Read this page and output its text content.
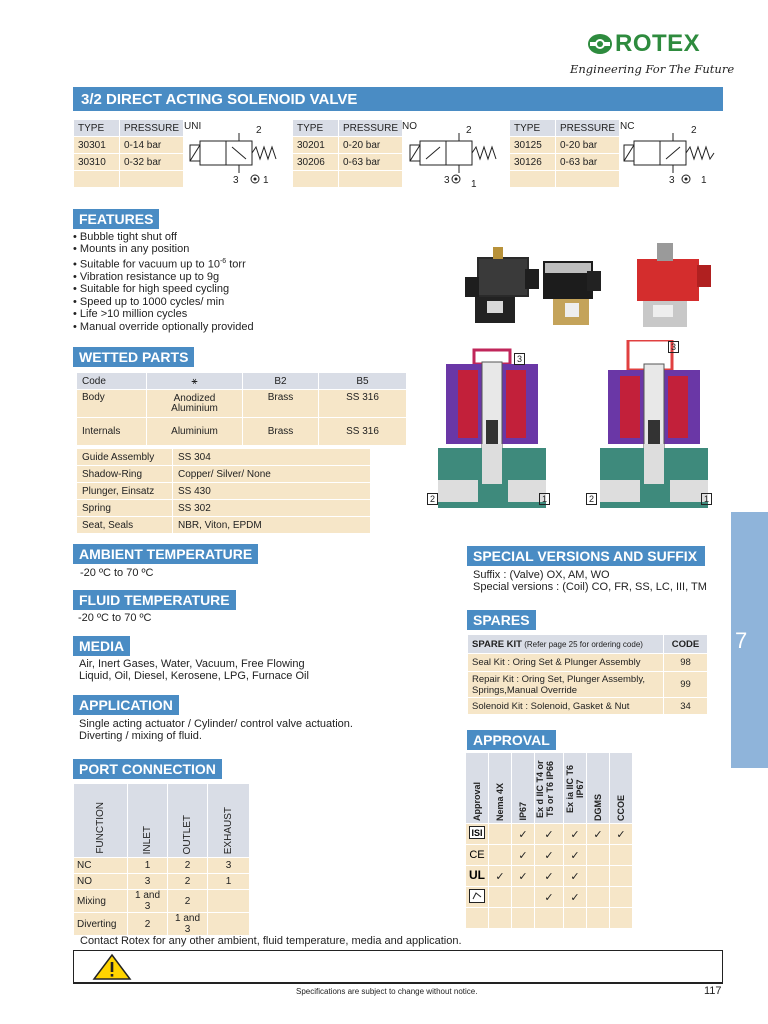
ROTEX
Engineering For The Future
3/2 DIRECT ACTING SOLENOID VALVE
TYPE	PRESSURE
30301	0-14 bar
30310	0-32 bar

UNI	2
3 1
TYPE	PRESSURE
30201	0-20 bar
30206	0-63 bar

NO	2
3 1
TYPE	PRESSURE
30125	0-20 bar
30126	0-63 bar

NC	2
3	1
FEATURES
• Bubble tight shut off
• Mounts in any position
• Suitable for vacuum up to $10^{-6}$ torr
• Vibration resistance up to 9g
• Suitable for high speed cycling
• Speed up to 1000 cycles/ min
• Life >10 million cycles
• Manual override optionally provided
WETTED PARTS
Code	⚹	B2	B5
Body	Anodized Aluminium	Brass	SS 316
Internals	Aluminium	Brass	SS 316
Guide Assembly	SS 304
Shadow-Ring	Copper/ Silver/ None
Plunger, Einsatz	SS 430
Spring	SS 302
Seat, Seals	NBR, Viton, EPDM
3
2	1
3
2	1
AMBIENT TEMPERATURE
-20 ºC to 70 ºC
FLUID TEMPERATURE
-20 ºC to 70 ºC
MEDIA
Air, Inert Gases, Water, Vacuum, Free Flowing
Liquid, Oil, Diesel, Kerosene, LPG, Furnace Oil
APPLICATION
Single acting actuator / Cylinder/ control valve actuation.
Diverting / mixing of fluid.
PORT CONNECTION
FUNCTION	INLET	OUTLET	EXHAUST
NC	1	2	3
NO	3	2	1
Mixing	1 and 3	2	
Diverting	2	1 and 3	
SPECIAL VERSIONS AND SUFFIX
Suffix : (Valve) OX, AM, WO
Special versions : (Coil) CO, FR, SS, LC, III, TM
SPARES
SPARE KIT (Refer page 25 for ordering code)	CODE
Seal Kit : Oring Set & Plunger Assembly	98
Repair Kit : Oring Set, Plunger Assembly, Springs,Manual Override	99
Solenoid Kit : Solenoid, Gasket & Nut	34
APPROVAL
Approval	Nema 4X	IP67	Ex d IIC T4 or T5 or T6 IP66	Ex ia IIC T6 IP67	DGMS	CCOE

ISI		✓	✓	✓	✓	✓

CE		✓	✓	✓		

UL	✓	✓	✓	✓		
			✓	✓		

7
Contact Rotex for any other ambient, fluid temperature, media and application.
Specifications are subject to change without notice.	117
